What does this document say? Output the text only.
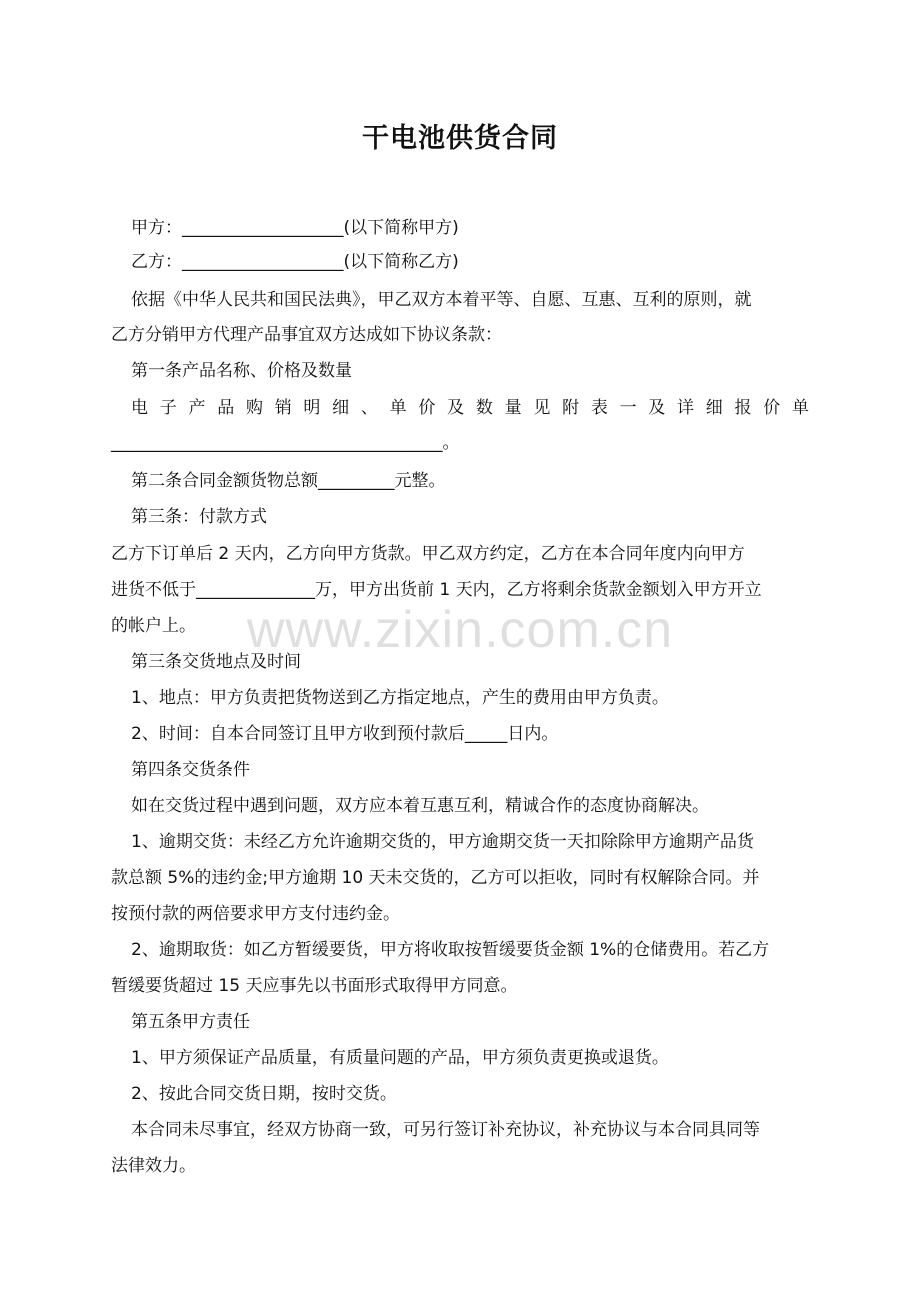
干电池供货合同
甲方：___________________(以下简称甲方)
乙方：___________________(以下简称乙方)
依据《中华人民共和国民法典》，甲乙双方本着平等、自愿、互惠、互利的原则，就
乙方分销甲方代理产品事宜双方达成如下协议条款：
第一条产品名称、价格及数量
电子产品购销明细、单价及数量见附表一及详细报价单
_______________________________________。
第二条合同金额货物总额_________元整。
第三条：付款方式
乙方下订单后 2 天内，乙方向甲方货款。甲乙双方约定，乙方在本合同年度内向甲方
进货不低于______________万，甲方出货前 1 天内，乙方将剩余货款金额划入甲方开立
的帐户上。
第三条交货地点及时间
1、地点：甲方负责把货物送到乙方指定地点，产生的费用由甲方负责。
2、时间：自本合同签订且甲方收到预付款后_____日内。
第四条交货条件
如在交货过程中遇到问题，双方应本着互惠互利，精诚合作的态度协商解决。
1、逾期交货：未经乙方允许逾期交货的，甲方逾期交货一天扣除除甲方逾期产品货
款总额 5%的违约金;甲方逾期 10 天未交货的，乙方可以拒收，同时有权解除合同。并
按预付款的两倍要求甲方支付违约金。
2、逾期取货：如乙方暂缓要货，甲方将收取按暂缓要货金额 1%的仓储费用。若乙方
暂缓要货超过 15 天应事先以书面形式取得甲方同意。
第五条甲方责任
1、甲方须保证产品质量，有质量问题的产品，甲方须负责更换或退货。
2、按此合同交货日期，按时交货。
本合同未尽事宜，经双方协商一致，可另行签订补充协议，补充协议与本合同具同等
法律效力。
www.zixin.com.cn
